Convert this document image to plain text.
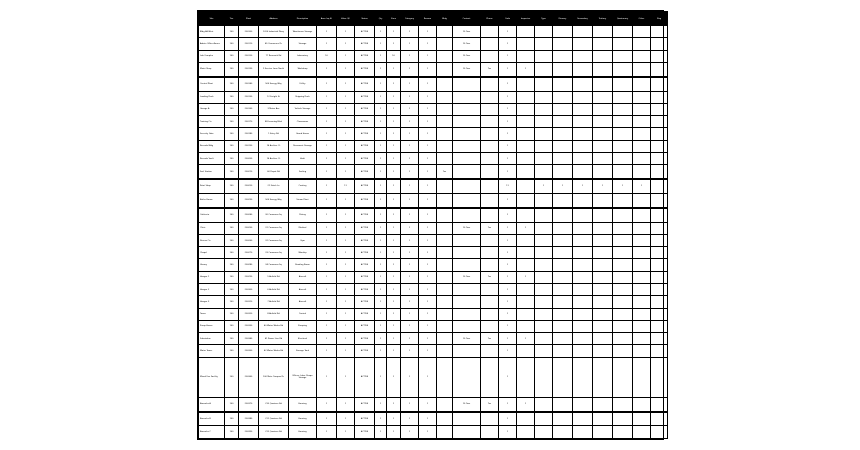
Site	Tier	Plant	Address	Description	Area (sq ft)	Value ($)	Status	Qty	Zone	Category	Reason	Bldg	Contact	Phone	Code	Inspector	Type	Primary	Secondary	Tertiary	Quaternary	Other	Flag
Bldg 4A West	100	200100	1200 Industrial Pkwy	Warehouse Storage	1	1	ACTIVE	1	1	1	1		10 Year		1								
Admin Office Annex	100	200110	45 Commerce Dr	Storage	1	1	ACTIVE	1	1	1	1		10 Year		1								
Lab Complex	100	200120	77 Research Rd	Laboratory	10	1	ACTIVE	1	10	1	1		10 Year		1								
Maint Shop	100	200130	9 Service Lane North	Workshop	1	1	ACTIVE	1	1	1	1		10 Year	Yes	1	1							
Central Plant	100	200140	500 Energy Way	Utility	1	1	ACTIVE	1	1	1	1				1								
Loading Dock	100	200150	12 Freight St	Shipping Dock	1	1	ACTIVE	1	1	1	1				1								
Garage A	100	200160	3 Motor Ave	Vehicle Storage	1	1	ACTIVE	1	1	1	1				1								
Training Ctr	100	200170	88 Learning Blvd	Classrooms	1	1	ACTIVE	1	1	1	1				1								
Security Gate	100	200180	1 Entry Rd	Guard House	1	1	ACTIVE	1	1	1	1				1								
Records Bldg	100	200190	14 Archive Ct	Document Storage	1	1	ACTIVE	1	1	1	1				1								
Records Vault	100	200200	14 Archive Ct	Vault	1	1	ACTIVE	1	1	1	1				1								
Fuel Station	100	200210	60 Depot Rd	Fueling	1	1	ACTIVE	1	1	1	1	Yes			1								
Paint Shop	100	200220	21 Finish Ln	Coating	1	11	ACTIVE	1	1	1	1				11		1	1	1	1	1	1	
Boiler House	100	200230	500 Energy Way	Steam Plant	1	1	ACTIVE	1	1	1	1				1								
Cafeteria	100	200240	30 Commons Sq	Dining	1	1	ACTIVE	1	1	1	1				1								
Clinic	100	200250	31 Commons Sq	Medical	1	1	ACTIVE	1	1	1	1		10 Year	Yes	1	1							
Fitness Ctr	100	200260	32 Commons Sq	Gym	1	1	ACTIVE	1	1	1	1				1								
Chapel	100	200270	33 Commons Sq	Worship	1	1	ACTIVE	1	1	1	1				1								
Library	100	200280	34 Commons Sq	Reading Room	1	1	ACTIVE	1	1	1	1				1								
Hangar 1	100	200290	5 Airfield Rd	Aircraft	1	1	ACTIVE	1	1	1	1		10 Year	Yes	1	1							
Hangar 2	100	200300	6 Airfield Rd	Aircraft	1	1	ACTIVE	1	1	1	1				1								
Hangar 3	100	200310	7 Airfield Rd	Aircraft	1	1	ACTIVE	1	1	1	1				1								
Tower	100	200320	8 Airfield Rd	Control	1	1	ACTIVE	1	1	1	1				1								
Pump House	100	200330	40 Water Works Rd	Pumping	1	1	ACTIVE	1	1	1	1				1								
Substation	100	200340	41 Power Line Rd	Electrical	1	1	ACTIVE	1	1	1	1		10 Year	Yes	1	1							
Water Tower	100	200350	42 Water Works Rd	Storage Tank	1	1	ACTIVE	1	1	1	1				1								
Mixed Use Facility	100	200360	100 Main Campus Dr	Offices, Labs, Shops, Storage	1	1	ACTIVE	1	1	1	1				1								
Barracks A	100	200370	210 Quarters Rd	Housing	1	1	ACTIVE	1	1	1	1		10 Year	Yes	1	1							
Barracks B	100	200380	211 Quarters Rd	Housing	1	1	ACTIVE	1	1	1	1				1								
Barracks C	100	200390	212 Quarters Rd	Housing	1	1	ACTIVE	1	1	1	1				1								
